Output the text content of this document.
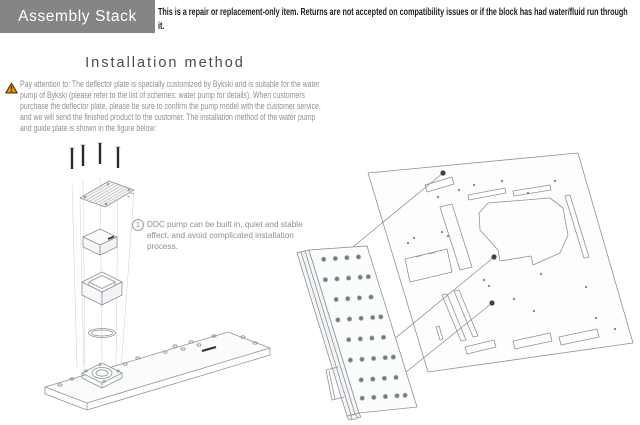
Assembly Stack This is a repair or replacement-only item. Returns are not accepted on compatibility issues or if the block has had water/fluid run through it.
Installation method

Pay attention to: The deflector plate is specially customized by Bykski and is suitable for the water pump of Bykski (please refer to the list of schemes: water pump for details). When customers purchase the deflector plate, please be sure to confirm the pump model with the customer service, and we will send the finished product to the customer. The installation method of the water pump and guide plate is shown in the figure below:

1 DDC pump can be built in, quiet and stable effect, and avoid complicated installation process.
